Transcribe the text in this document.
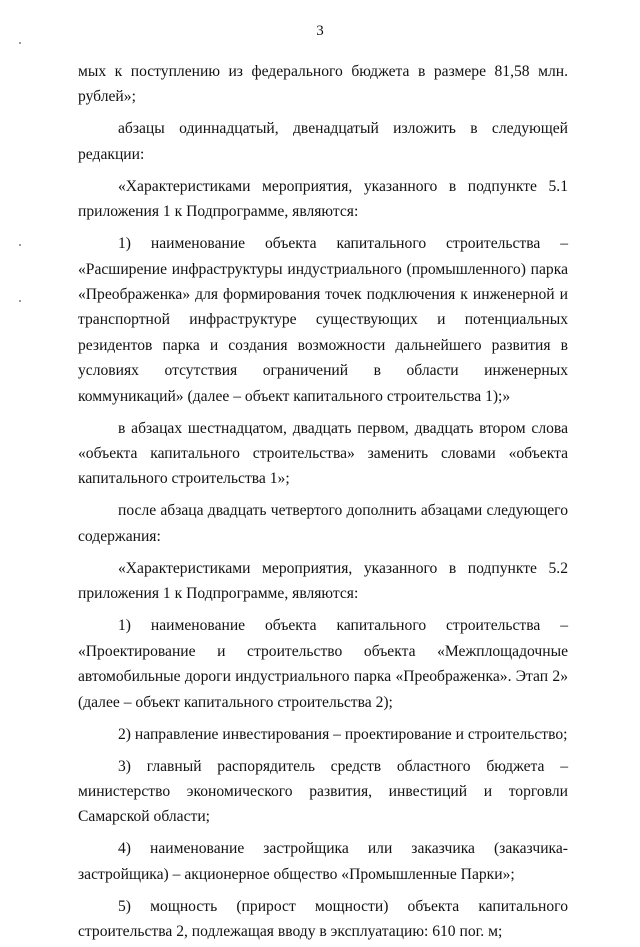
3

мых к поступлению из федерального бюджета в размере 81,58 млн. рублей»;

абзацы одиннадцатый, двенадцатый изложить в следующей редакции:

«Характеристиками мероприятия, указанного в подпункте 5.1 приложения 1 к Подпрограмме, являются:

1) наименование объекта капитального строительства – «Расширение инфраструктуры индустриального (промышленного) парка «Преображенка» для формирования точек подключения к инженерной и транспортной инфраструктуре существующих и потенциальных резидентов парка и создания возможности дальнейшего развития в условиях отсутствия ограничений в области инженерных коммуникаций» (далее – объект капитального строительства 1);»

в абзацах шестнадцатом, двадцать первом, двадцать втором слова «объекта капитального строительства» заменить словами «объекта капитального строительства 1»;

после абзаца двадцать четвертого дополнить абзацами следующего содержания:

«Характеристиками мероприятия, указанного в подпункте 5.2 приложения 1 к Подпрограмме, являются:

1) наименование объекта капитального строительства – «Проектирование и строительство объекта «Межплощадочные автомобильные дороги индустриального парка «Преображенка». Этап 2» (далее – объект капитального строительства 2);

2) направление инвестирования – проектирование и строительство;

3) главный распорядитель средств областного бюджета – министерство экономического развития, инвестиций и торговли Самарской области;

4) наименование застройщика или заказчика (заказчика-застройщика) – акционерное общество «Промышленные Парки»;

5) мощность (прирост мощности) объекта капитального строительства 2, подлежащая вводу в эксплуатацию: 610 пог. м;
